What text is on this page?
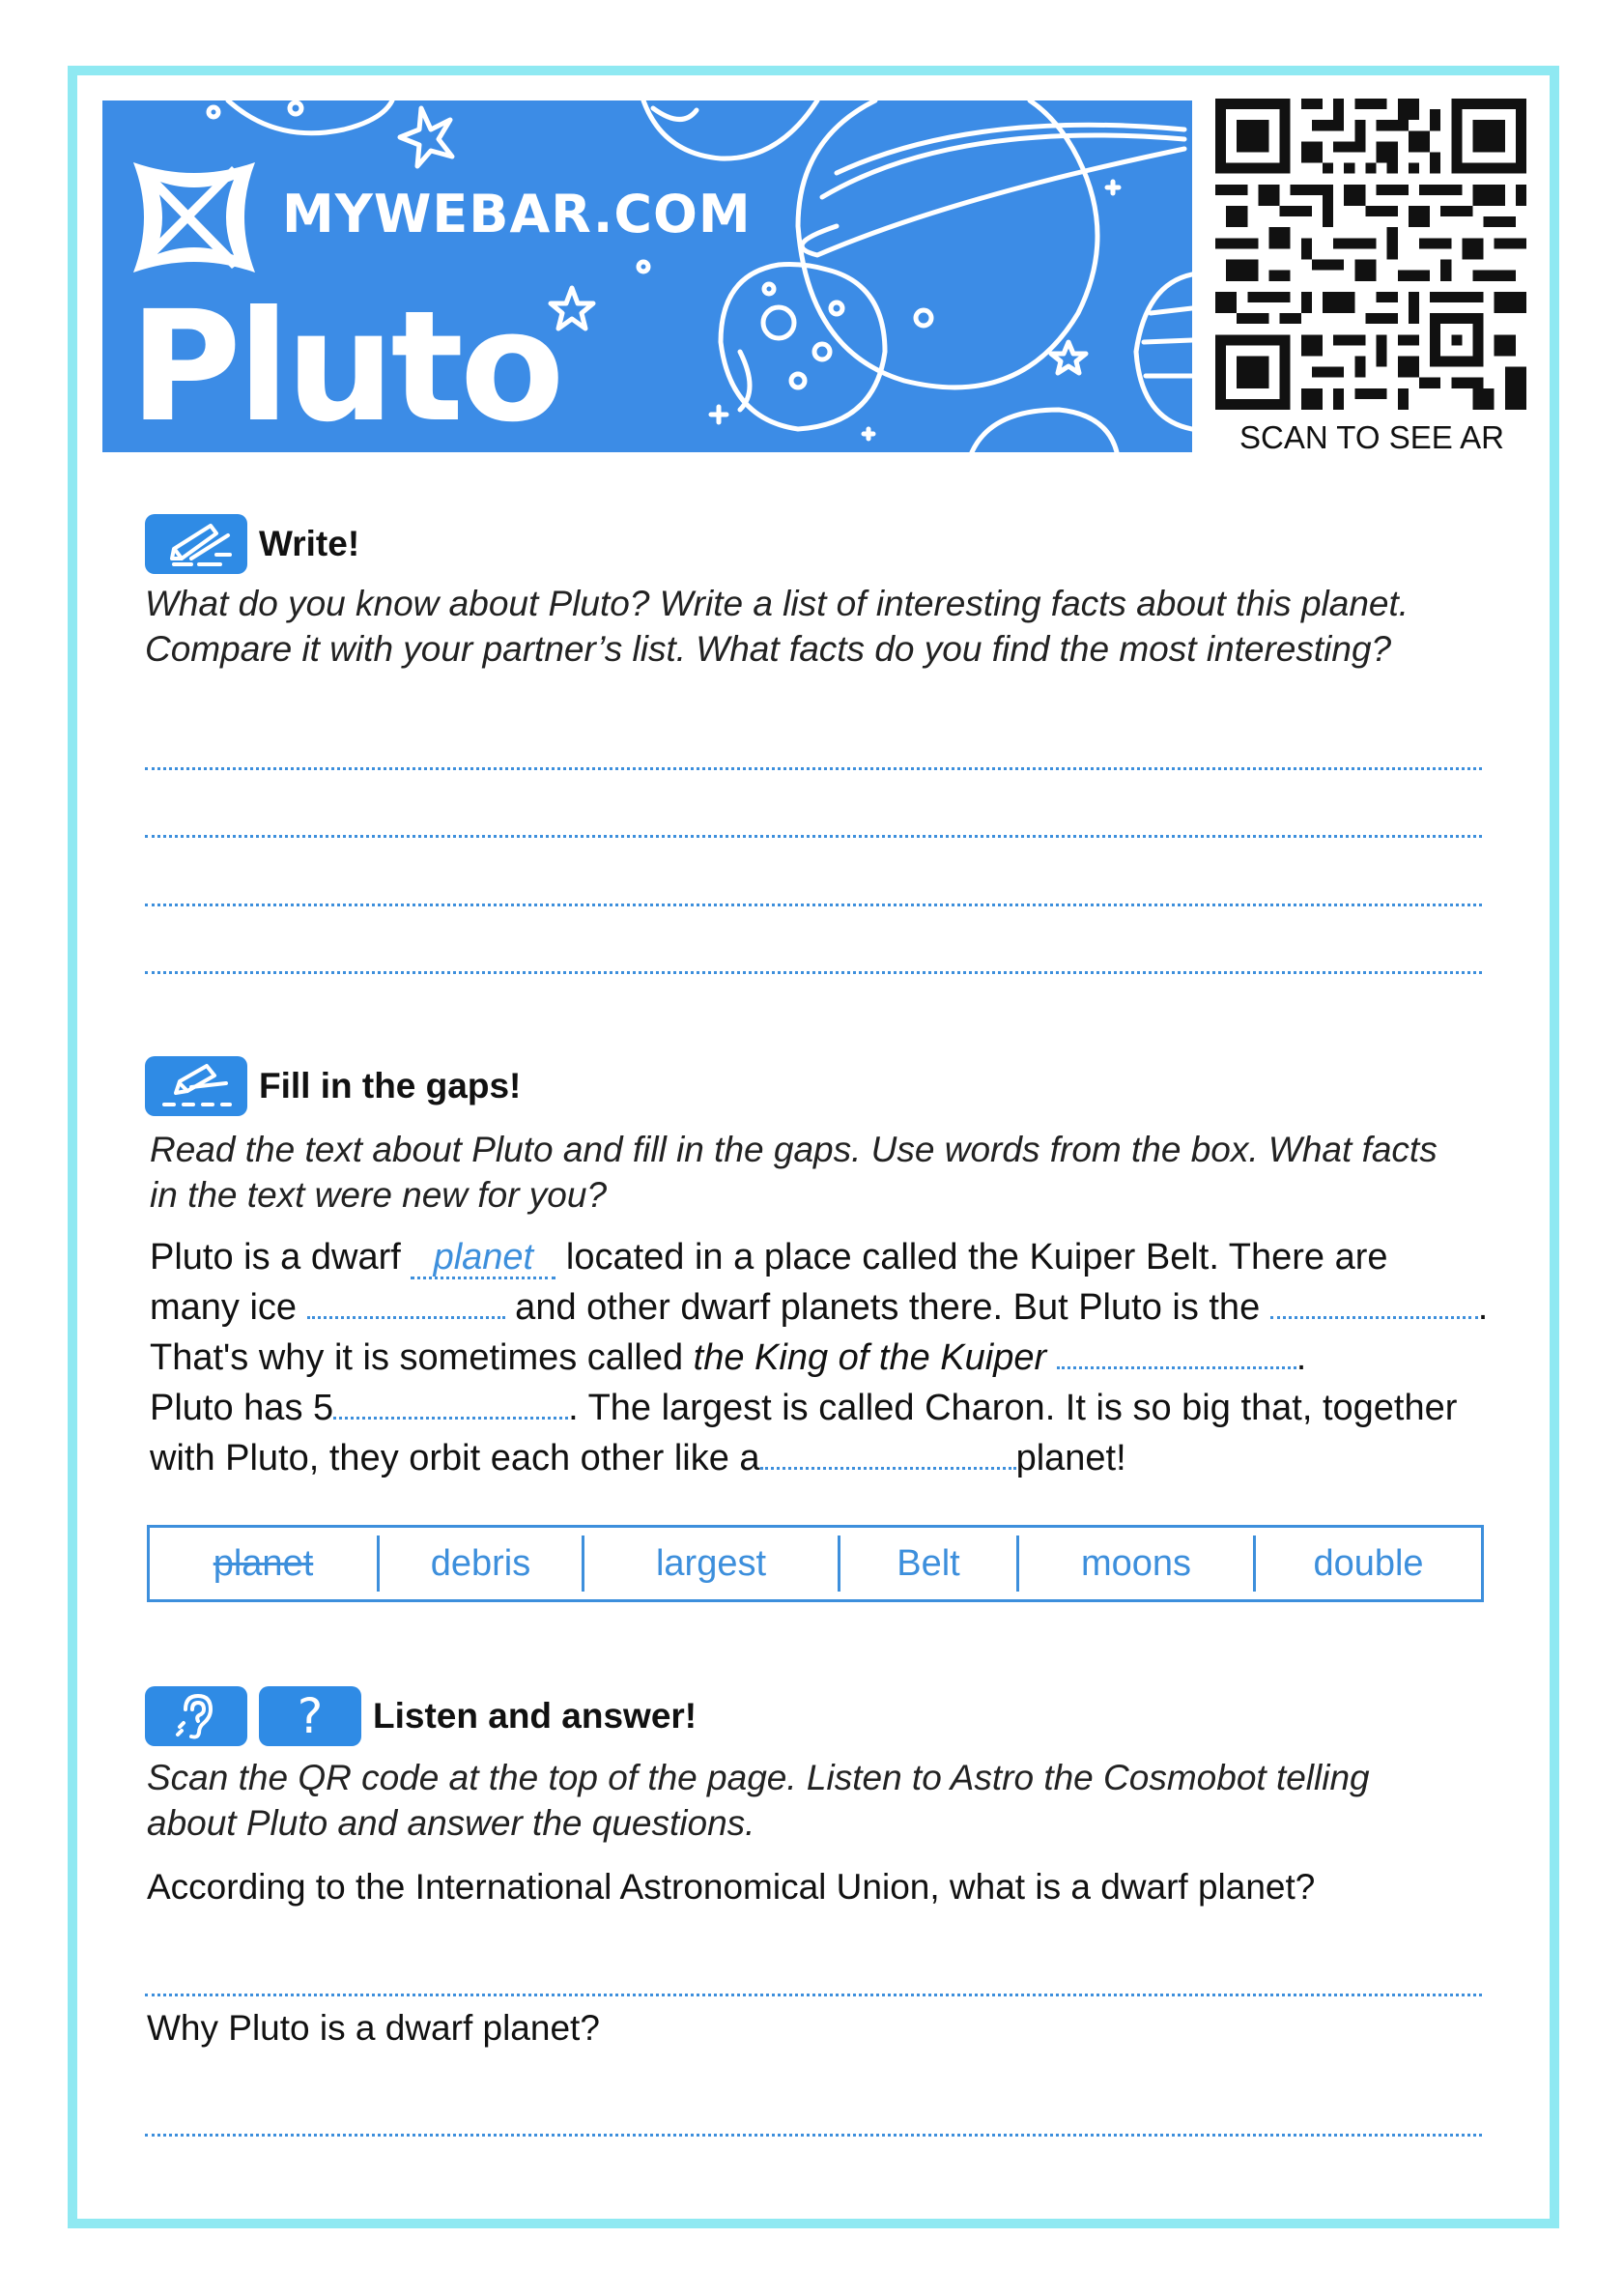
MYWEBAR.COM
Pluto	SCAN TO SEE AR
Write!
What do you know about Pluto? Write a list of interesting facts about this planet.
Compare it with your partner’s list. What facts do you find the most interesting?
Fill in the gaps!
Read the text about Pluto and fill in the gaps. Use words from the box. What facts
in the text were new for you?
Pluto is a dwarf planet located in a place called the Kuiper Belt. There are
many ice	and other dwarf planets there. But Pluto is the	.
That's why it is sometimes called the King of the Kuiper	.
Pluto has 5	. The largest is called Charon. It is so big that, together
with Pluto, they orbit each other like a	planet!
planet	debris	largest	Belt	moons	double
? Listen and answer!
Scan the QR code at the top of the page. Listen to Astro the Cosmobot telling
about Pluto and answer the questions.
According to the International Astronomical Union, what is a dwarf planet?
Why Pluto is a dwarf planet?
